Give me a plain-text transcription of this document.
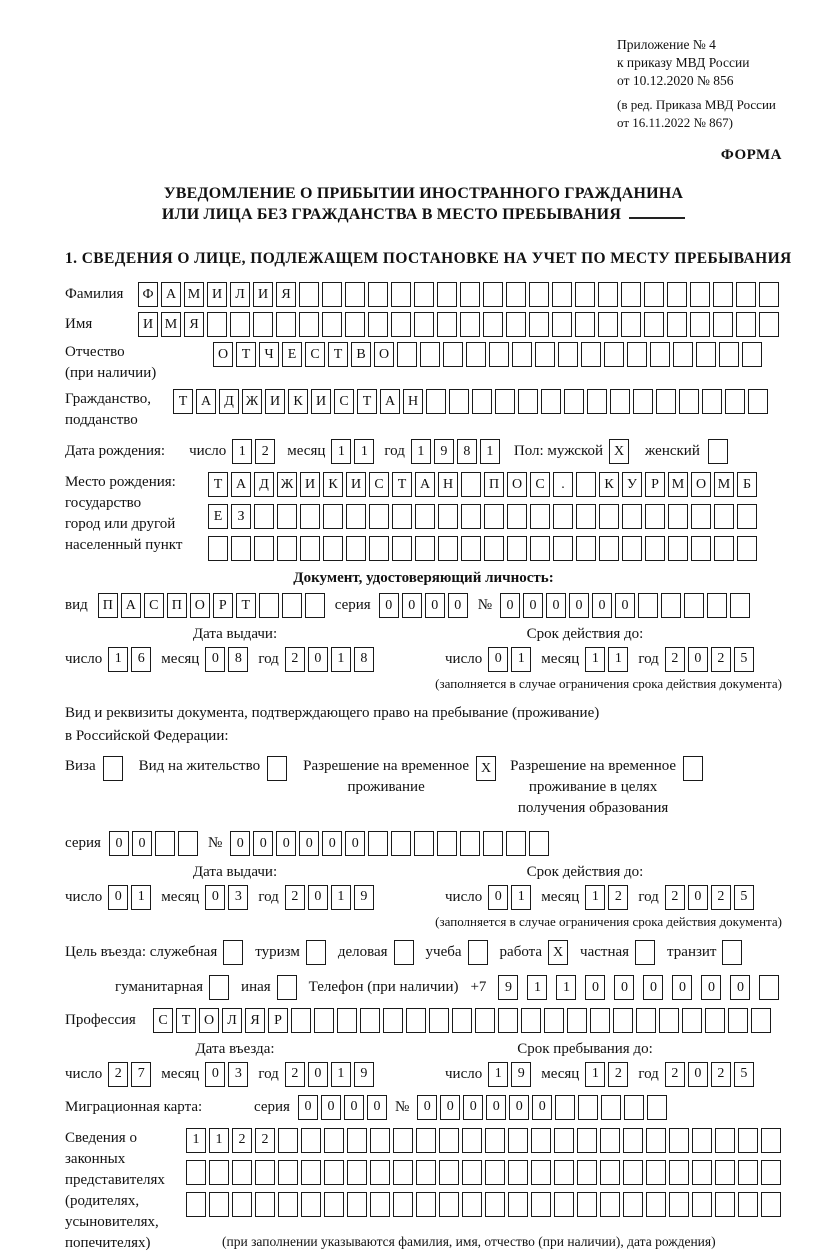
Приложение № 4
к приказу МВД России
от 10.12.2020 № 856
(в ред. Приказа МВД России
от 16.11.2022 № 867)
ФОРМА
УВЕДОМЛЕНИЕ О ПРИБЫТИИ ИНОСТРАННОГО ГРАЖДАНИНА
ИЛИ ЛИЦА БЕЗ ГРАЖДАНСТВА В МЕСТО ПРЕБЫВАНИЯ
1. СВЕДЕНИЯ О ЛИЦЕ, ПОДЛЕЖАЩЕМ ПОСТАНОВКЕ НА УЧЕТ ПО МЕСТУ ПРЕБЫВАНИЯ
Фамилия	Ф А М И Л И Я
Имя	И М Я
Отчество
(при наличии)
О Т	Ч	Е	С	Т	В О
Гражданство,
подданство
Т А Д Ж И К И С	Т А Н
Дата рождения: число 1	2	месяц 1	1	год 1	9	8	1	Пол: мужской X	женский
Место рождения:
государство
город или другой
населенный пункт
Т А Д Ж И К И С	Т А Н	П О С	.	К У	Р М О М Б
Е	З
Документ, удостоверяющий личность:
вид	П А С П О	Р	Т	серия	0	0	0	0	№	0	0	0	0	0	0
Дата выдачи:	Срок действия до:
число 1	6	месяц 0	8	год 2	0	1	8	число 0	1	месяц 1	1	год 2	0	2	5
(заполняется в случае ограничения срока действия документа)
Вид и реквизиты документа, подтверждающего право на пребывание (проживание)
в Российской Федерации:
Виза	Вид на жительство	Разрешение на временное
проживание
X	Разрешение на временное
проживание в целях
получения образования
серия	0	0	№	0	0	0	0	0	0
Дата выдачи:	Срок действия до:
число 0	1	месяц 0	3	год 2	0	1	9	число 0	1	месяц 1	2	год 2	0	2	5
(заполняется в случае ограничения срока действия документа)
Цель въезда: служебная	туризм	деловая	учеба	работа X	частная	транзит
гуманитарная	иная	Телефон (при наличии) +7	9	1	1	0	0	0	0	0	0
Профессия	С	Т О Л Я	Р
Дата въезда:	Срок пребывания до:
число 2	7	месяц 0	3	год 2	0	1	9	число 1	9	месяц 1	2	год 2	0	2	5
Миграционная карта:	серия	0	0	0	0 №	0	0	0	0	0	0
Сведения о
законных
представителях
(родителях,
усыновителях,
попечителях)
1	1	2	2
(при заполнении указываются фамилия, имя, отчество (при наличии), дата рождения)
